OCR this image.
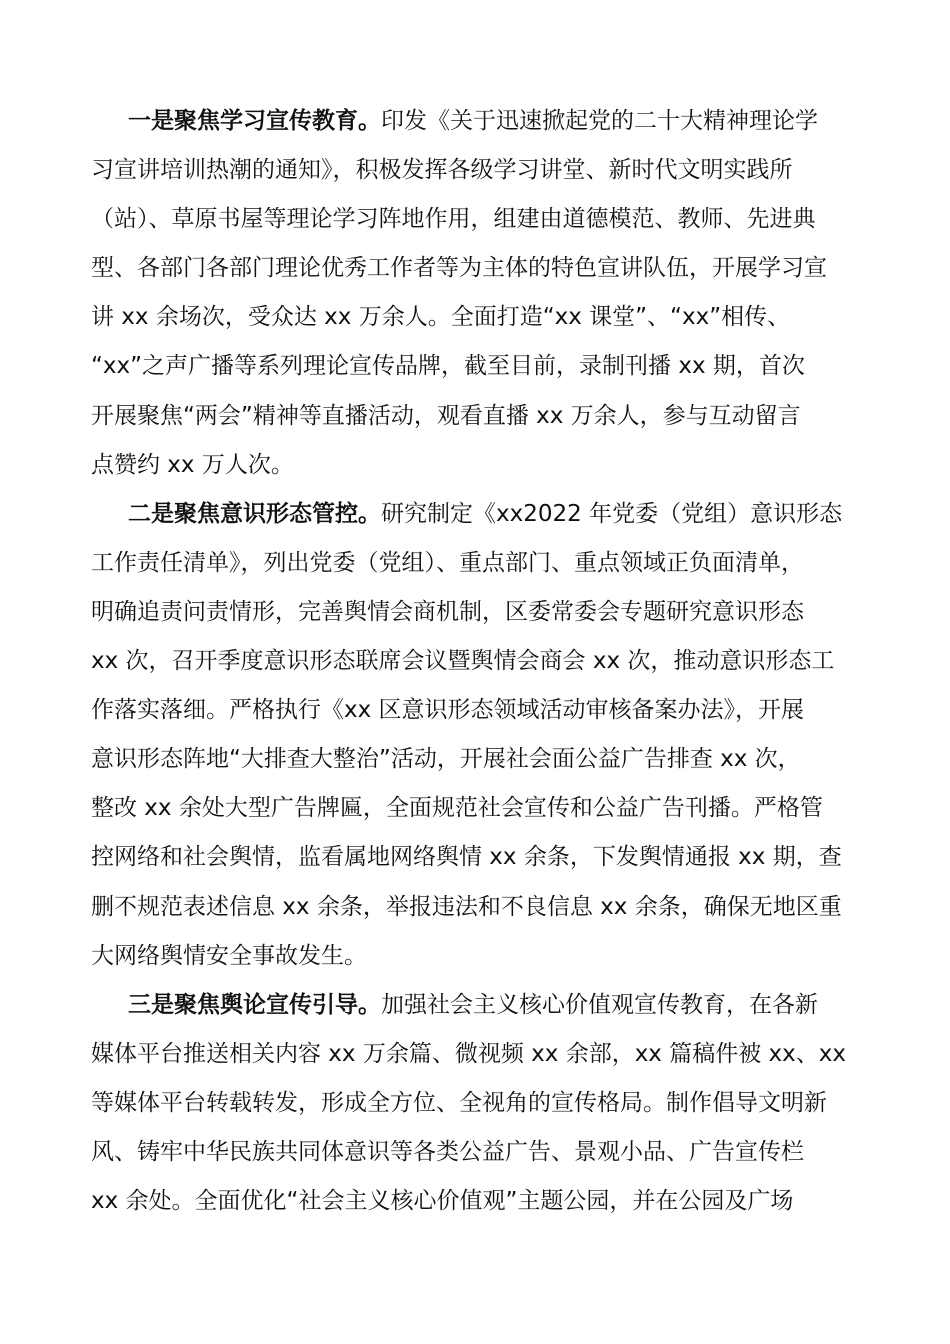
一是聚焦学习宣传教育。印发《关于迅速掀起党的二十大精神理论学
习宣讲培训热潮的通知》，积极发挥各级学习讲堂、新时代文明实践所
（站）、草原书屋等理论学习阵地作用，组建由道德模范、教师、先进典
型、各部门各部门理论优秀工作者等为主体的特色宣讲队伍，开展学习宣
讲 xx 余场次，受众达 xx 万余人。全面打造“xx 课堂”、“xx”相传、
“xx”之声广播等系列理论宣传品牌，截至目前，录制刊播 xx 期，首次
开展聚焦“两会”精神等直播活动，观看直播 xx 万余人，参与互动留言
点赞约 xx 万人次。
二是聚焦意识形态管控。研究制定《xx2022 年党委（党组）意识形态
工作责任清单》，列出党委（党组）、重点部门、重点领域正负面清单，
明确追责问责情形，完善舆情会商机制，区委常委会专题研究意识形态
xx 次，召开季度意识形态联席会议暨舆情会商会 xx 次，推动意识形态工
作落实落细。严格执行《xx 区意识形态领域活动审核备案办法》，开展
意识形态阵地“大排查大整治”活动，开展社会面公益广告排查 xx 次，
整改 xx 余处大型广告牌匾，全面规范社会宣传和公益广告刊播。严格管
控网络和社会舆情，监看属地网络舆情 xx 余条，下发舆情通报 xx 期，查
删不规范表述信息 xx 余条，举报违法和不良信息 xx 余条，确保无地区重
大网络舆情安全事故发生。
三是聚焦舆论宣传引导。加强社会主义核心价值观宣传教育，在各新
媒体平台推送相关内容 xx 万余篇、微视频 xx 余部，xx 篇稿件被 xx、xx
等媒体平台转载转发，形成全方位、全视角的宣传格局。制作倡导文明新
风、铸牢中华民族共同体意识等各类公益广告、景观小品、广告宣传栏
xx 余处。全面优化“社会主义核心价值观”主题公园，并在公园及广场
